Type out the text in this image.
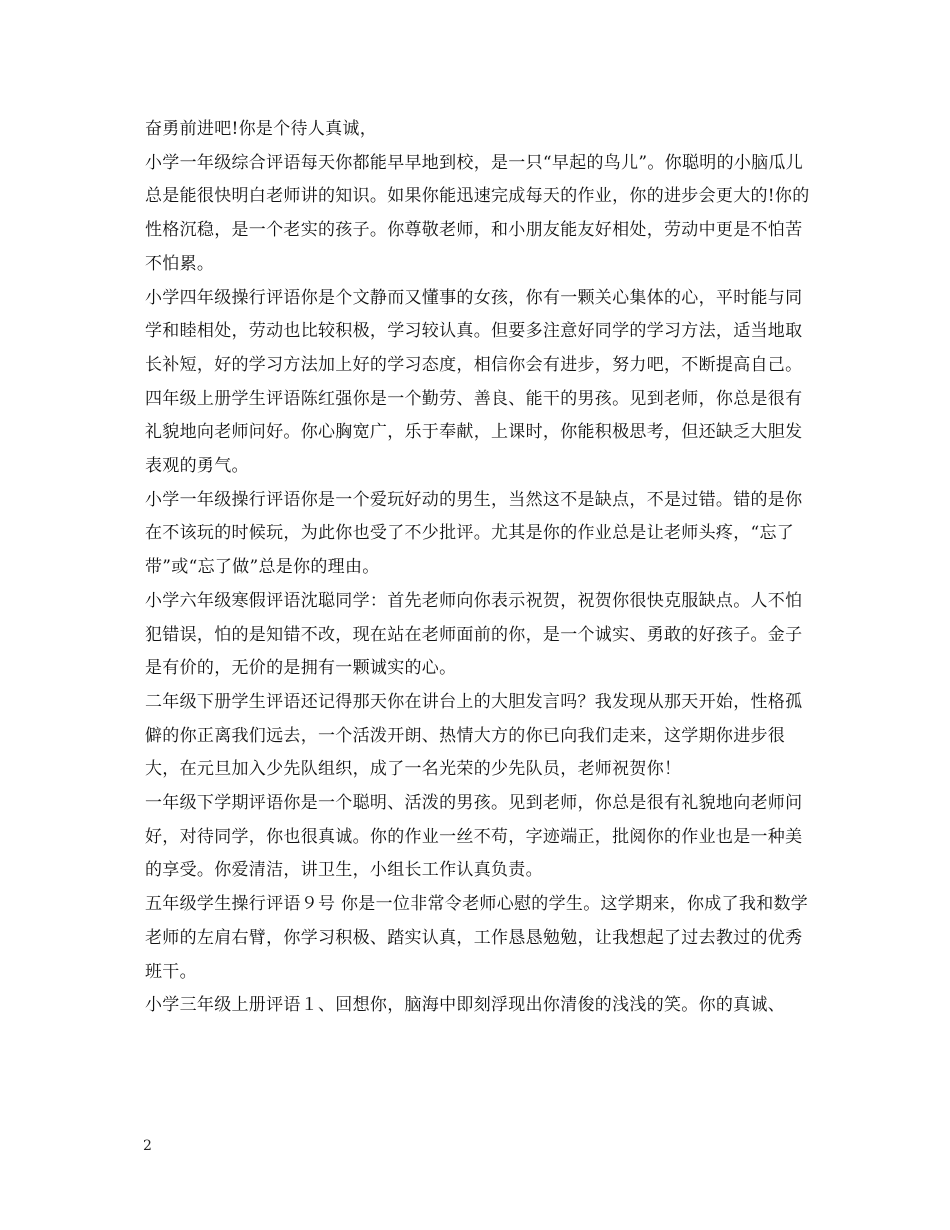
奋勇前进吧!你是个待人真诚，

小学一年级综合评语每天你都能早早地到校，是一只“早起的鸟儿”。你聪明的小脑瓜儿总是能很快明白老师讲的知识。如果你能迅速完成每天的作业，你的进步会更大的!你的性格沉稳，是一个老实的孩子。你尊敬老师，和小朋友能友好相处，劳动中更是不怕苦不怕累。

小学四年级操行评语你是个文静而又懂事的女孩，你有一颗关心集体的心，平时能与同学和睦相处，劳动也比较积极，学习较认真。但要多注意好同学的学习方法，适当地取长补短，好的学习方法加上好的学习态度，相信你会有进步，努力吧，不断提高自己。

四年级上册学生评语陈红强你是一个勤劳、善良、能干的男孩。见到老师，你总是很有礼貌地向老师问好。你心胸宽广，乐于奉献，上课时，你能积极思考，但还缺乏大胆发表观的勇气。

小学一年级操行评语你是一个爱玩好动的男生，当然这不是缺点，不是过错。错的是你在不该玩的时候玩，为此你也受了不少批评。尤其是你的作业总是让老师头疼，“忘了带”或“忘了做”总是你的理由。

小学六年级寒假评语沈聪同学：首先老师向你表示祝贺，祝贺你很快克服缺点。人不怕犯错误，怕的是知错不改，现在站在老师面前的你，是一个诚实、勇敢的好孩子。金子是有价的，无价的是拥有一颗诚实的心。

二年级下册学生评语还记得那天你在讲台上的大胆发言吗？我发现从那天开始，性格孤僻的你正离我们远去，一个活泼开朗、热情大方的你已向我们走来，这学期你进步很大，在元旦加入少先队组织，成了一名光荣的少先队员，老师祝贺你！

一年级下学期评语你是一个聪明、活泼的男孩。见到老师，你总是很有礼貌地向老师问好，对待同学，你也很真诚。你的作业一丝不苟，字迹端正，批阅你的作业也是一种美的享受。你爱清洁，讲卫生，小组长工作认真负责。

五年级学生操行评语９号 你是一位非常令老师心慰的学生。这学期来，你成了我和数学老师的左肩右臂，你学习积极、踏实认真，工作恳恳勉勉，让我想起了过去教过的优秀班干。

小学三年级上册评语１、回想你，脑海中即刻浮现出你清俊的浅浅的笑。你的真诚、

2
